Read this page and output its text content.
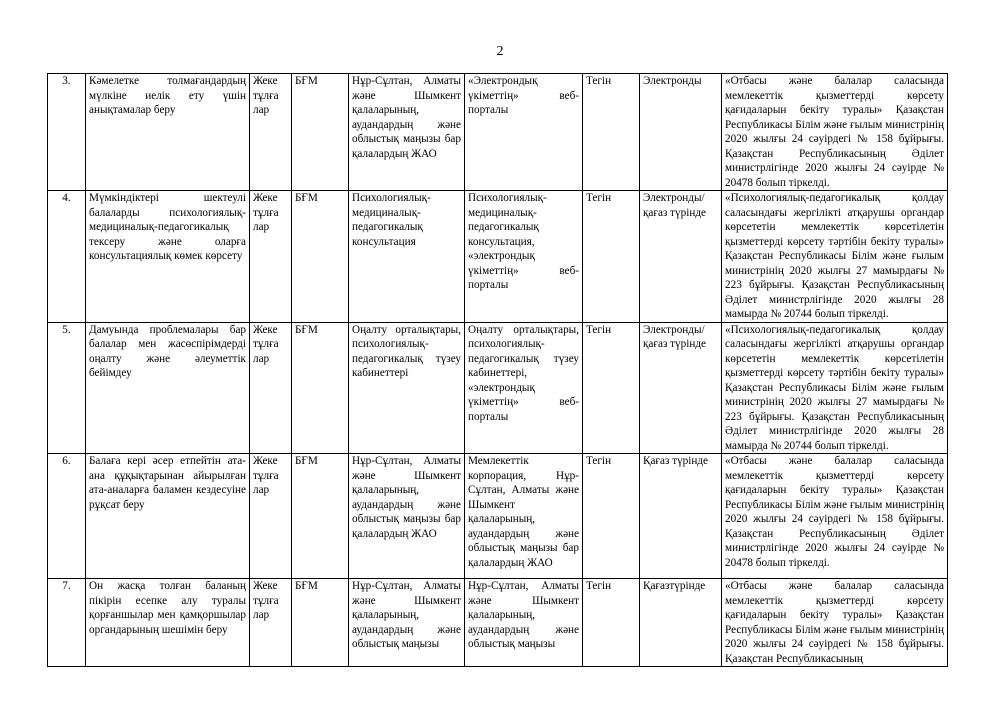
2
3.	Кәмелетке толмағандардың мүлкіне иелік ету үшін анықтамалар беру	Жеке тұлға лар	БҒМ	Нұр-Сұлтан, Алматы және Шымкент қалаларының, аудандардың және облыстық маңызы бар қалалардың ЖАО	«Электрондық үкіметтің» веб-порталы	Тегін	Электронды	«Отбасы және балалар саласында мемлекеттік қызметтерді көрсету қағидаларын бекіту туралы» Қазақстан Республикасы Білім және ғылым министрінің 2020 жылғы 24 сәуірдегі № 158 бұйрығы. Қазақстан Республикасының Әділет министрлігінде 2020 жылғы 24 сәуірде № 20478 болып тіркелді.
4.	Мүмкіндіктері шектеулі балаларды психологиялық-медициналық-педагогикалық тексеру және оларға консультациялық көмек көрсету	Жеке тұлға лар	БҒМ	Психологиялық-медициналық-педагогикалық консультация	Психологиялық-медициналық-педагогикалық консультация, «электрондық үкіметтің» веб-порталы	Тегін	Электронды/ қағаз түрінде	«Психологиялық-педагогикалық қолдау саласындағы жергілікті атқарушы органдар көрсететін мемлекеттік көрсетілетін қызметтерді көрсету тәртібін бекіту туралы» Қазақстан Республикасы Білім және ғылым министрінің 2020 жылғы 27 мамырдағы № 223 бұйрығы. Қазақстан Республикасының Әділет министрлігінде 2020 жылғы 28 мамырда № 20744 болып тіркелді.
5.	Дамуында проблемалары бар балалар мен жасөспірімдерді оңалту және әлеуметтік бейімдеу	Жеке тұлға лар	БҒМ	Оңалту орталықтары, психологиялық-педагогикалық түзеу кабинеттері	Оңалту орталықтары, психологиялық-педагогикалық түзеу кабинеттері, «электрондық үкіметтің» веб-порталы	Тегін	Электронды/ қағаз түрінде	«Психологиялық-педагогикалық қолдау саласындағы жергілікті атқарушы органдар көрсететін мемлекеттік көрсетілетін қызметтерді көрсету тәртібін бекіту туралы» Қазақстан Республикасы Білім және ғылым министрінің 2020 жылғы 27 мамырдағы № 223 бұйрығы. Қазақстан Республикасының Әділет министрлігінде 2020 жылғы 28 мамырда № 20744 болып тіркелді.
6.	Балаға кері әсер етпейтін ата-ана құқықтарынан айырылған ата-аналарға баламен кездесуіне рұқсат беру	Жеке тұлға лар	БҒМ	Нұр-Сұлтан, Алматы және Шымкент қалаларының, аудандардың және облыстық маңызы бар қалалардың ЖАО	Мемлекеттік корпорация, Нұр-Сұлтан, Алматы және Шымкент қалаларының, аудандардың және облыстық маңызы бар қалалардың ЖАО	Тегін	Қағаз түрінде	«Отбасы және балалар саласында мемлекеттік қызметтерді көрсету қағидаларын бекіту туралы» Қазақстан Республикасы Білім және ғылым министрінің 2020 жылғы 24 сәуірдегі № 158 бұйрығы. Қазақстан Республикасының Әділет министрлігінде 2020 жылғы 24 сәуірде № 20478 болып тіркелді.
7.	Он жасқа толған баланың пікірін есепке алу туралы қорғаншылар мен қамқоршылар органдарының шешімін беру	Жеке тұлға лар	БҒМ	Нұр-Сұлтан, Алматы және Шымкент қалаларының, аудандардың және облыстық маңызы	Нұр-Сұлтан, Алматы және Шымкент қалаларының, аудандардың және облыстық маңызы	Тегін	Қағазтүрінде	«Отбасы және балалар саласында мемлекеттік қызметтерді көрсету қағидаларын бекіту туралы» Қазақстан Республикасы Білім және ғылым министрінің 2020 жылғы 24 сәуірдегі № 158 бұйрығы. Қазақстан Республикасының
